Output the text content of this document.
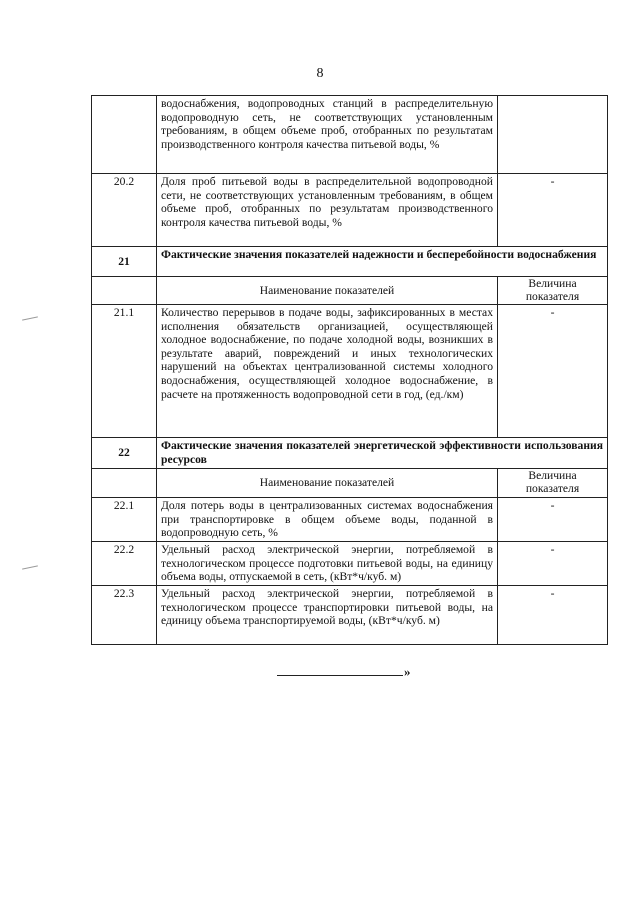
8
	водоснабжения, водопроводных станций в распределительную водопроводную сеть, не соответствующих установленным требованиям, в общем объеме проб, отобранных по результатам производственного контроля качества питьевой воды, %	
20.2	Доля проб питьевой воды в распределительной водопроводной сети, не соответствующих установленным требованиям, в общем объеме проб, отобранных по результатам производственного контроля качества питьевой воды, %	-
21	Фактические значения показателей надежности и бесперебойности водоснабжения	
	Наименование показателей	Величина показателя
21.1	Количество перерывов в подаче воды, зафиксированных в местах исполнения обязательств организацией, осуществляющей холодное водоснабжение, по подаче холодной воды, возникших в результате аварий, повреждений и иных технологических нарушений на объектах централизованной системы холодного водоснабжения, осуществляющей холодное водоснабжение, в расчете на протяженность водопроводной сети в год, (ед./км)	-
22	Фактические значения показателей энергетической эффективности использования ресурсов	
	Наименование показателей	Величина показателя
22.1	Доля потерь воды в централизованных системах водоснабжения при транспортировке в общем объеме воды, поданной в водопроводную сеть, %	-
22.2	Удельный расход электрической энергии, потребляемой в технологическом процессе подготовки питьевой воды, на единицу объема воды, отпускаемой в сеть, (кВт*ч/куб. м)	-
22.3	Удельный расход электрической энергии, потребляемой в технологическом процессе транспортировки питьевой воды, на единицу объема транспортируемой воды, (кВт*ч/куб. м)	-
»
